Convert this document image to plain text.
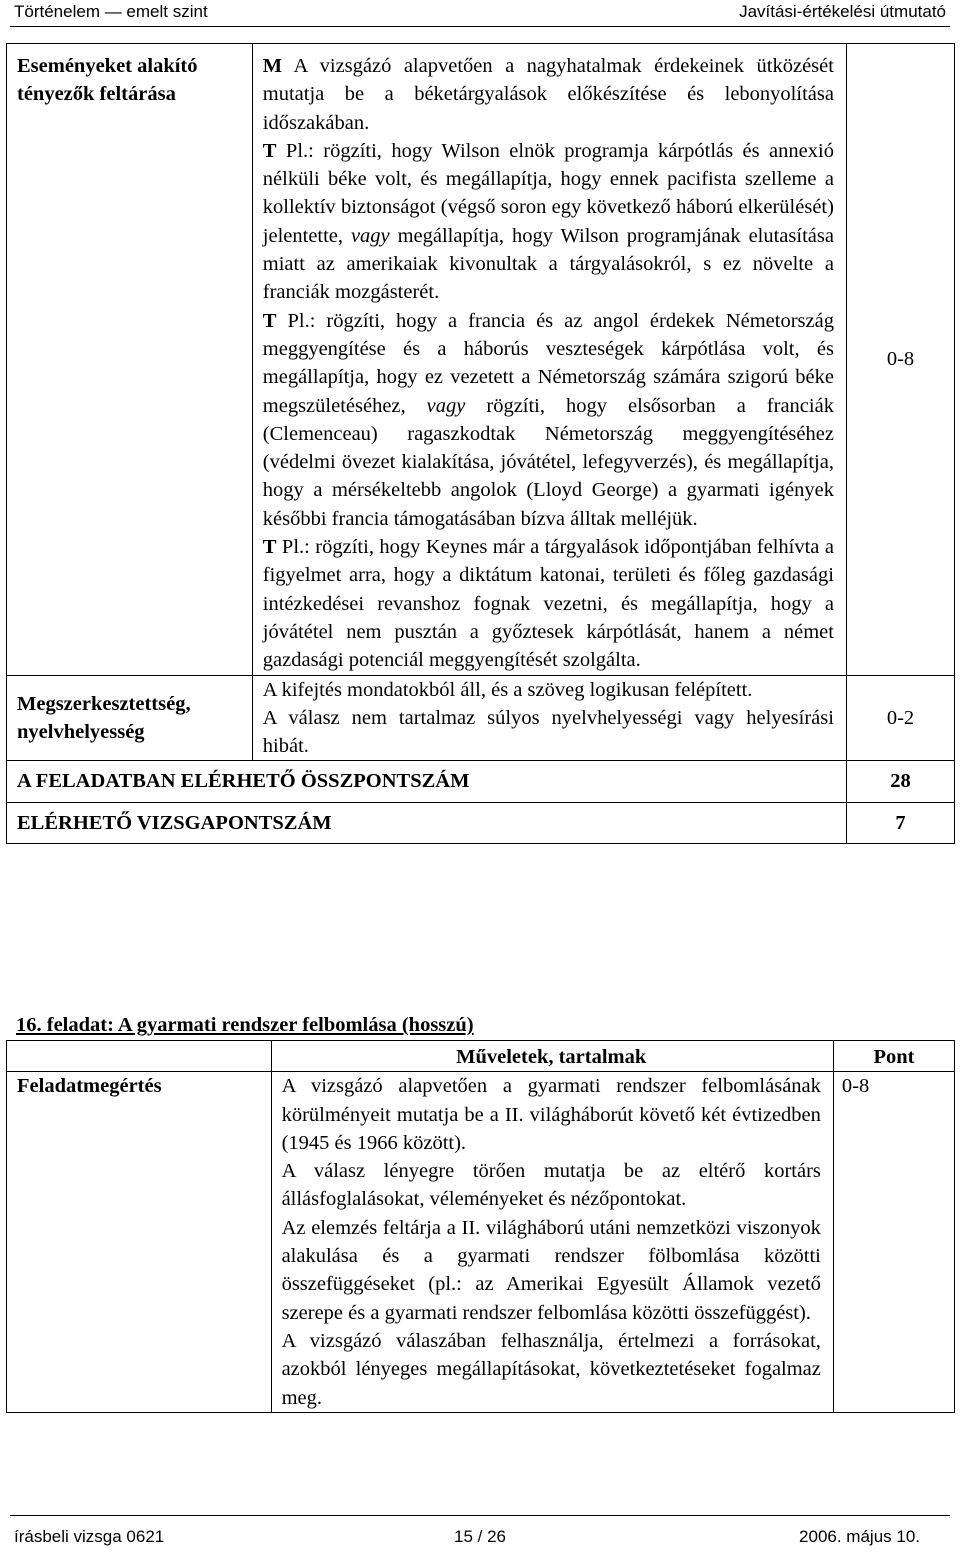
Történelem — emelt szint	Javítási-értékelési útmutató
Eseményeket alakító tényezők feltárása	M A vizsgázó alapvetően a nagyhatalmak érdekeinek ütközését mutatja be a béketárgyalások előkészítése és lebonyolítása időszakában.

T Pl.: rögzíti, hogy Wilson elnök programja kárpótlás és annexió nélküli béke volt, és megállapítja, hogy ennek pacifista szelleme a kollektív biztonságot (végső soron egy következő háború elkerülését) jelentette, vagy megállapítja, hogy Wilson programjának elutasítása miatt az amerikaiak kivonultak a tárgyalásokról, s ez növelte a franciák mozgásterét.

T Pl.: rögzíti, hogy a francia és az angol érdekek Németország meggyengítése és a háborús veszteségek kárpótlása volt, és megállapítja, hogy ez vezetett a Németország számára szigorú béke megszületéséhez, vagy rögzíti, hogy elsősorban a franciák (Clemenceau) ragaszkodtak Németország meggyengítéséhez (védelmi övezet kialakítása, jóvátétel, lefegyverzés), és megállapítja, hogy a mérsékeltebb angolok (Lloyd George) a gyarmati igények későbbi francia támogatásában bízva álltak melléjük.

T Pl.: rögzíti, hogy Keynes már a tárgyalások időpontjában felhívta a figyelmet arra, hogy a diktátum katonai, területi és főleg gazdasági intézkedései revanshoz fognak vezetni, és megállapítja, hogy a jóvátétel nem pusztán a győztesek kárpótlását, hanem a német gazdasági potenciál meggyengítését szolgálta.	0-8
Megszerkesztettség, nyelvhelyesség	A kifejtés mondatokból áll, és a szöveg logikusan felépített.

A válasz nem tartalmaz súlyos nyelvhelyességi vagy helyesírási hibát.	0-2
A FELADATBAN ELÉRHETŐ ÖSSZPONTSZÁM		28
ELÉRHETŐ VIZSGAPONTSZÁM		7
16. feladat: A gyarmati rendszer felbomlása (hosszú)
	Műveletek, tartalmak	Pont
Feladatmegértés	A vizsgázó alapvetően a gyarmati rendszer felbomlásának körülményeit mutatja be a II. világháborút követő két évtizedben (1945 és 1966 között).

A válasz lényegre törően mutatja be az eltérő kortárs állásfoglalásokat, véleményeket és nézőpontokat.

Az elemzés feltárja a II. világháború utáni nemzetközi viszonyok alakulása és a gyarmati rendszer fölbomlása közötti összefüggéseket (pl.: az Amerikai Egyesült Államok vezető szerepe és a gyarmati rendszer felbomlása közötti összefüggést).

A vizsgázó válaszában felhasználja, értelmezi a forrásokat, azokból lényeges megállapításokat, következtetéseket fogalmaz meg.	0-8
írásbeli vizsga 0621	15 / 26	2006. május 10.
